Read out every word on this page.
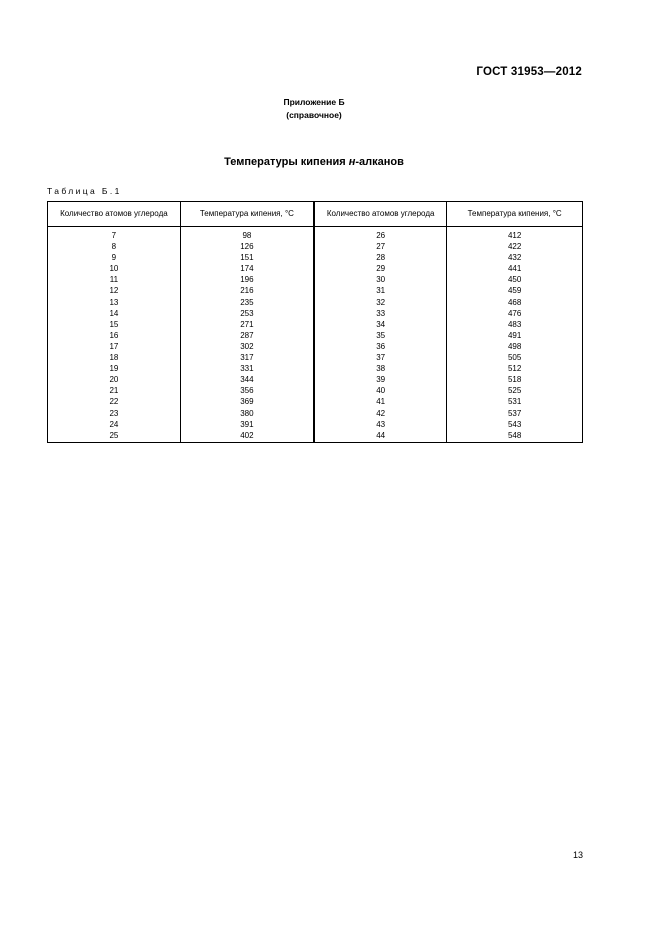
ГОСТ 31953—2012
Приложение Б
(справочное)
Температуры кипения н-алканов
Таблица Б.1
Количество атомов углерода	Температура кипения, °С	Количество атомов углерода	Температура кипения, °С
7	98	26	412
8	126	27	422
9	151	28	432
10	174	29	441
11	196	30	450
12	216	31	459
13	235	32	468
14	253	33	476
15	271	34	483
16	287	35	491
17	302	36	498
18	317	37	505
19	331	38	512
20	344	39	518
21	356	40	525
22	369	41	531
23	380	42	537
24	391	43	543
25	402	44	548
13
